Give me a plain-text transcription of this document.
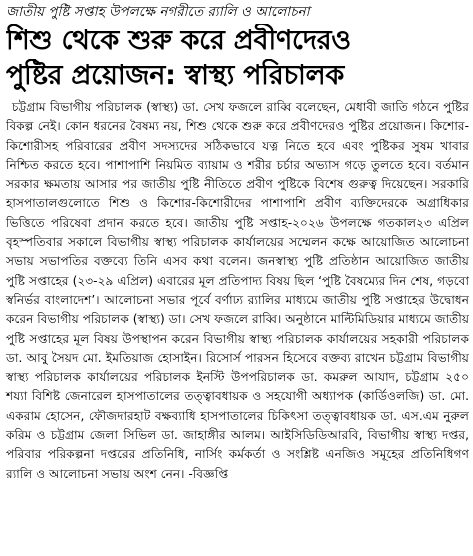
জাতীয় পুষ্টি সপ্তাহ উপলক্ষে নগরীতে র‌্যালি ও আলোচনা
শিশু থেকে শুরু করে প্রবীণদেরও
পুষ্টির প্রয়োজন: স্বাস্থ্য পরিচালক

চট্টগ্রাম বিভাগীয় পরিচালক (স্বাস্থ্য) ডা. সেখ ফজলে রাব্বি বলেছেন, মেধাবী জাতি গঠনে পুষ্টির বিকল্প নেই। কোন ধরনের বৈষম্য নয়, শিশু থেকে শুরু করে প্রবীণদেরও পুষ্টির প্রয়োজন। কিশোর-কিশোরীসহ পরিবারের প্রবীণ সদস্যদের সঠিকভাবে যত্ন নিতে হবে এবং পুষ্টিকর সুষম খাবার নিশ্চিত করতে হবে। পাশাপাশি নিয়মিত ব্যায়াম ও শরীর চর্চার অভ্যাস গড়ে তুলতে হবে। বর্তমান সরকার ক্ষমতায় আসার পর জাতীয় পুষ্টি নীতিতে প্রবীণ পুষ্টিকে বিশেষ গুরুত্ব দিয়েছেন। সরকারি হাসপাতালগুলোতে শিশু ও কিশোর-কিশোরীদের পাশাপাশি প্রবীণ ব্যক্তিদেরকে অগ্রাধিকার ভিত্তিতে পরিষেবা প্রদান করতে হবে। জাতীয় পুষ্টি সপ্তাহ-২০২৬ উপলক্ষে গতকাল২৩ এপ্রিল বৃহস্পতিবার সকালে বিভাগীয় স্বাস্থ্য পরিচালক কার্যালয়ের সম্মেলন কক্ষে আয়োজিত আলোচনা সভায় সভাপতির বক্তব্যে তিনি এসব কথা বলেন। জনস্বাস্থ্য পুষ্টি প্রতিষ্ঠান আয়োজিত জাতীয় পুষ্টি সপ্তাহের (২৩-২৯ এপ্রিল) এবারের মূল প্রতিপাদ্য বিষয় ছিল ‘পুষ্টি বৈষম্যের দিন শেষ, গড়বো স্বনির্ভর বাংলাদেশ’। আলোচনা সভার পূর্বে বর্ণাঢ্য র‌্যালির মাধ্যমে জাতীয় পুষ্টি সপ্তাহের উদ্বোধন করেন বিভাগীয় পরিচালক (স্বাস্থ্য) ডা। সেখ ফজলে রাব্বি। অনুষ্ঠানে মাল্টিমিডিয়ার মাধ্যমে জাতীয় পুষ্টি সপ্তাহের মূল বিষয় উপস্থাপন করেন বিভাগীয় স্বাস্থ্য পরিচালক কার্যালয়ের সহকারী পরিচালক ডা. আবু সৈয়দ মো. ইমতিয়াজ হোসাইন। রিসোর্স পারসন হিসেবে বক্তব্য রাখেন চট্টগ্রাম বিভাগীয় স্বাস্থ্য পরিচালক কার্যালয়ের পরিচালক ইনস্টি উপপরিচালক ডা. কমরুল আযাদ, চট্টগ্রাম ২৫০ শয্যা বিশিষ্ট জেনারেল হাসপাতালের তত্ত্বাবধায়ক ও সহযোগী অধ্যাপক (কার্ডিওলজি) ডা. মো. একরাম হোসেন, ফৌজদারহাট বক্ষব্যাধি হাসপাতালের চিকিৎসা তত্ত্বাবধায়ক ডা. এস.এম নুরুল করিম ও চট্টগ্রাম জেলা সিভিল ডা. জাহাঙ্গীর আলম। আইসিডিডিআরবি, বিভাগীয় স্বাস্থ্য দপ্তর, পরিবার পরিকল্পনা দপ্তরের প্রতিনিধি, নার্সিং কর্মকর্তা ও সংশ্লিষ্ট এনজিও সমূহের প্রতিনিধিগণ র‌্যালি ও আলোচনা সভায় অংশ নেন। -বিজ্ঞপ্তি
